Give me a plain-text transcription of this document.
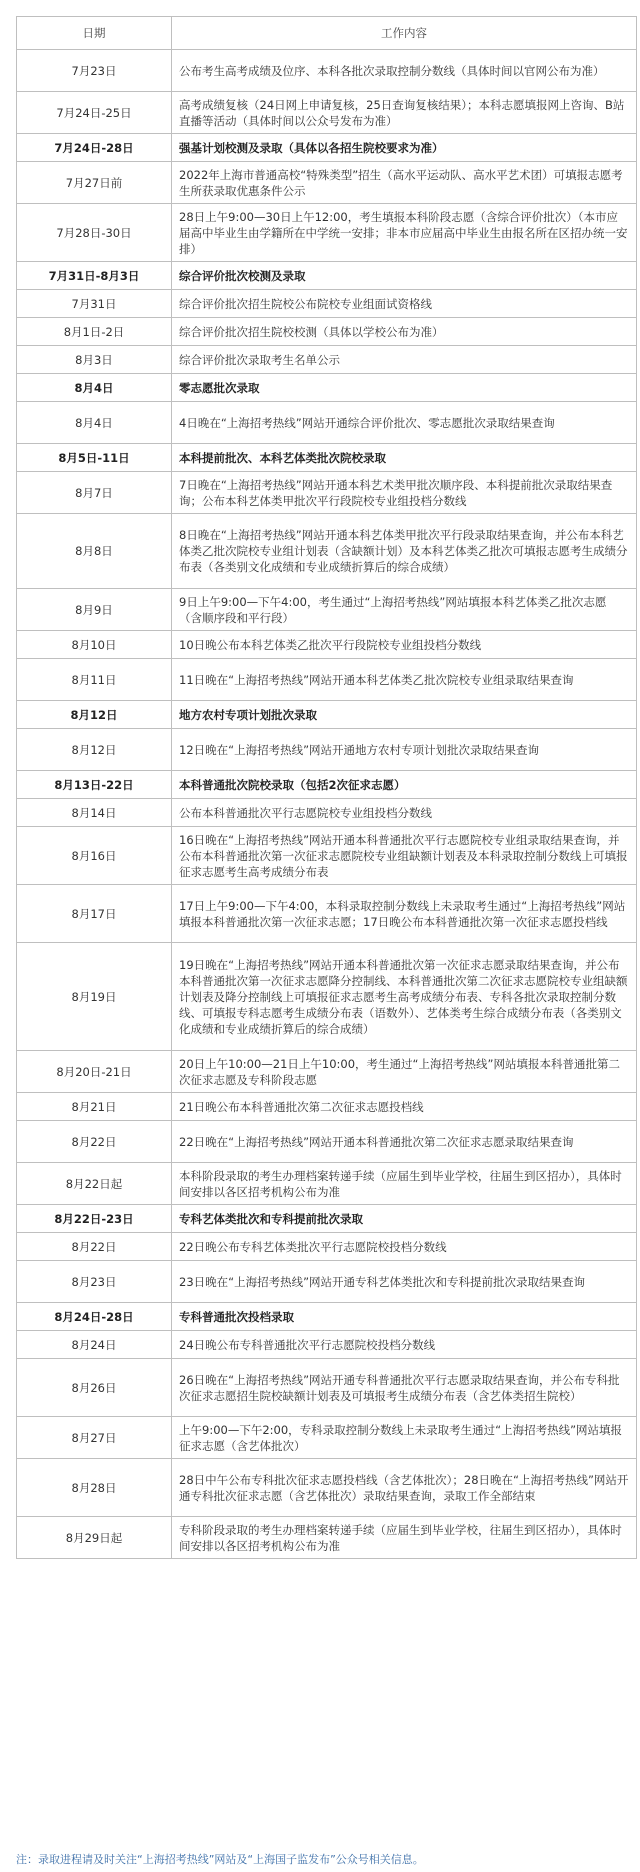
日期	工作内容
7月23日	公布考生高考成绩及位序、本科各批次录取控制分数线（具体时间以官网公布为准）
7月24日-25日	高考成绩复核（24日网上申请复核，25日查询复核结果）；本科志愿填报网上咨询、B站直播等活动（具体时间以公众号发布为准）
7月24日-28日	强基计划校测及录取（具体以各招生院校要求为准）
7月27日前	2022年上海市普通高校“特殊类型”招生（高水平运动队、高水平艺术团）可填报志愿考生所获录取优惠条件公示
7月28日-30日	28日上午9:00—30日上午12:00，考生填报本科阶段志愿（含综合评价批次）（本市应届高中毕业生由学籍所在中学统一安排；非本市应届高中毕业生由报名所在区招办统一安排）
7月31日-8月3日	综合评价批次校测及录取
7月31日	综合评价批次招生院校公布院校专业组面试资格线
8月1日-2日	综合评价批次招生院校校测（具体以学校公布为准）
8月3日	综合评价批次录取考生名单公示
8月4日	零志愿批次录取
8月4日	4日晚在“上海招考热线”网站开通综合评价批次、零志愿批次录取结果查询
8月5日-11日	本科提前批次、本科艺体类批次院校录取
8月7日	7日晚在“上海招考热线”网站开通本科艺术类甲批次顺序段、本科提前批次录取结果查询；公布本科艺体类甲批次平行段院校专业组投档分数线
8月8日	8日晚在“上海招考热线”网站开通本科艺体类甲批次平行段录取结果查询，并公布本科艺体类乙批次院校专业组计划表（含缺额计划）及本科艺体类乙批次可填报志愿考生成绩分布表（各类别文化成绩和专业成绩折算后的综合成绩）
8月9日	9日上午9:00—下午4:00，考生通过“上海招考热线”网站填报本科艺体类乙批次志愿（含顺序段和平行段）
8月10日	10日晚公布本科艺体类乙批次平行段院校专业组投档分数线
8月11日	11日晚在“上海招考热线”网站开通本科艺体类乙批次院校专业组录取结果查询
8月12日	地方农村专项计划批次录取
8月12日	12日晚在“上海招考热线”网站开通地方农村专项计划批次录取结果查询
8月13日-22日	本科普通批次院校录取（包括2次征求志愿）
8月14日	公布本科普通批次平行志愿院校专业组投档分数线
8月16日	16日晚在“上海招考热线”网站开通本科普通批次平行志愿院校专业组录取结果查询，并公布本科普通批次第一次征求志愿院校专业组缺额计划表及本科录取控制分数线上可填报征求志愿考生高考成绩分布表
8月17日	17日上午9:00—下午4:00，本科录取控制分数线上未录取考生通过“上海招考热线”网站填报本科普通批次第一次征求志愿；17日晚公布本科普通批次第一次征求志愿投档线
8月19日	19日晚在“上海招考热线”网站开通本科普通批次第一次征求志愿录取结果查询，并公布本科普通批次第一次征求志愿降分控制线、本科普通批次第二次征求志愿院校专业组缺额计划表及降分控制线上可填报征求志愿考生高考成绩分布表、专科各批次录取控制分数线、可填报专科志愿考生成绩分布表（语数外）、艺体类考生综合成绩分布表（各类别文化成绩和专业成绩折算后的综合成绩）
8月20日-21日	20日上午10:00—21日上午10:00，考生通过“上海招考热线”网站填报本科普通批第二次征求志愿及专科阶段志愿
8月21日	21日晚公布本科普通批次第二次征求志愿投档线
8月22日	22日晚在“上海招考热线”网站开通本科普通批次第二次征求志愿录取结果查询
8月22日起	本科阶段录取的考生办理档案转递手续（应届生到毕业学校，往届生到区招办），具体时间安排以各区招考机构公布为准
8月22日-23日	专科艺体类批次和专科提前批次录取
8月22日	22日晚公布专科艺体类批次平行志愿院校投档分数线
8月23日	23日晚在“上海招考热线”网站开通专科艺体类批次和专科提前批次录取结果查询
8月24日-28日	专科普通批次投档录取
8月24日	24日晚公布专科普通批次平行志愿院校投档分数线
8月26日	26日晚在“上海招考热线”网站开通专科普通批次平行志愿录取结果查询，并公布专科批次征求志愿招生院校缺额计划表及可填报考生成绩分布表（含艺体类招生院校）
8月27日	上午9:00—下午2:00，专科录取控制分数线上未录取考生通过“上海招考热线”网站填报征求志愿（含艺体批次）
8月28日	28日中午公布专科批次征求志愿投档线（含艺体批次）；28日晚在“上海招考热线”网站开通专科批次征求志愿（含艺体批次）录取结果查询，录取工作全部结束
8月29日起	专科阶段录取的考生办理档案转递手续（应届生到毕业学校，往届生到区招办），具体时间安排以各区招考机构公布为准
注：录取进程请及时关注“上海招考热线”网站及“上海国子监发布”公众号相关信息。
